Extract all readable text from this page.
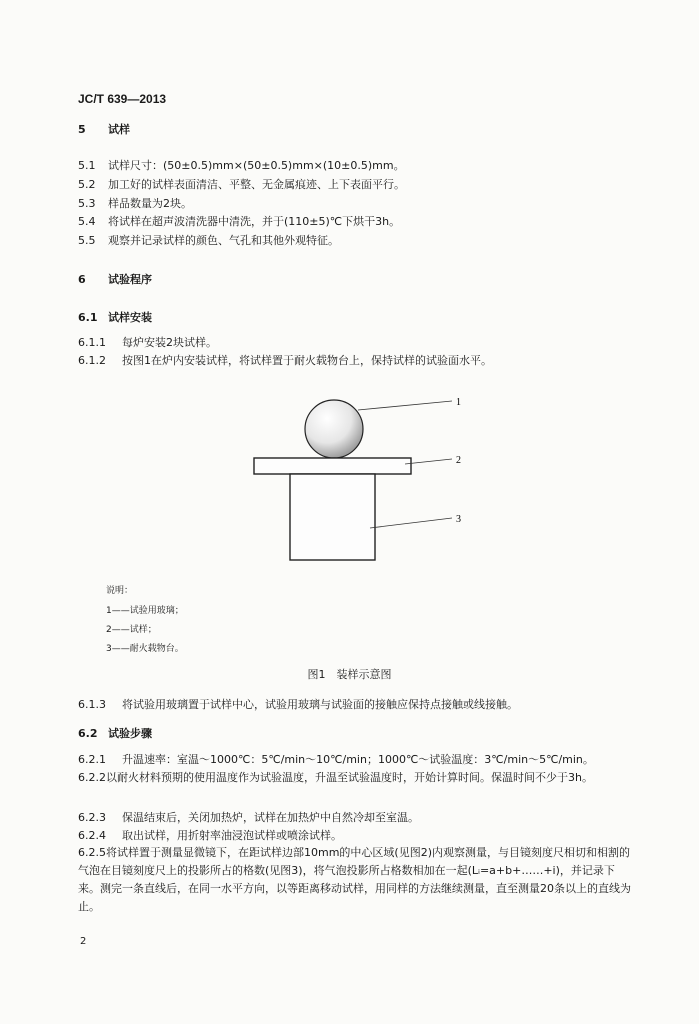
JC/T 639—2013
5 试样
5.1 试样尺寸：(50±0.5)mm×(50±0.5)mm×(10±0.5)mm。
5.2 加工好的试样表面清洁、平整、无金属痕迹、上下表面平行。
5.3 样品数量为2块。
5.4 将试样在超声波清洗器中清洗，并于(110±5)℃下烘干3h。
5.5 观察并记录试样的颜色、气孔和其他外观特征。
6 试验程序
6.1 试样安装
6.1.1 每炉安装2块试样。
6.1.2 按图1在炉内安装试样，将试样置于耐火载物台上，保持试样的试验面水平。
1
2
3
说明：
1——试验用玻璃；
2——试样；
3——耐火载物台。
图1　装样示意图
6.1.3 将试验用玻璃置于试样中心，试验用玻璃与试验面的接触应保持点接触或线接触。
6.2 试验步骤
6.2.1 升温速率：室温～1000℃：5℃/min～10℃/min；1000℃～试验温度：3℃/min～5℃/min。
6.2.2以耐火材料预期的使用温度作为试验温度，升温至试验温度时，开始计算时间。保温时间不少于3h。
6.2.3 保温结束后，关闭加热炉，试样在加热炉中自然冷却至室温。
6.2.4 取出试样，用折射率油浸泡试样或喷涂试样。
6.2.5将试样置于测量显微镜下，在距试样边部10mm的中心区域(见图2)内观察测量，与目镜刻度尺相切和相割的气泡在目镜刻度尺上的投影所占的格数(见图3)，将气泡投影所占格数相加在一起(Lᵢ=a+b+……+i)，并记录下来。测完一条直线后，在同一水平方向，以等距离移动试样，用同样的方法继续测量，直至测量20条以上的直线为止。
2
